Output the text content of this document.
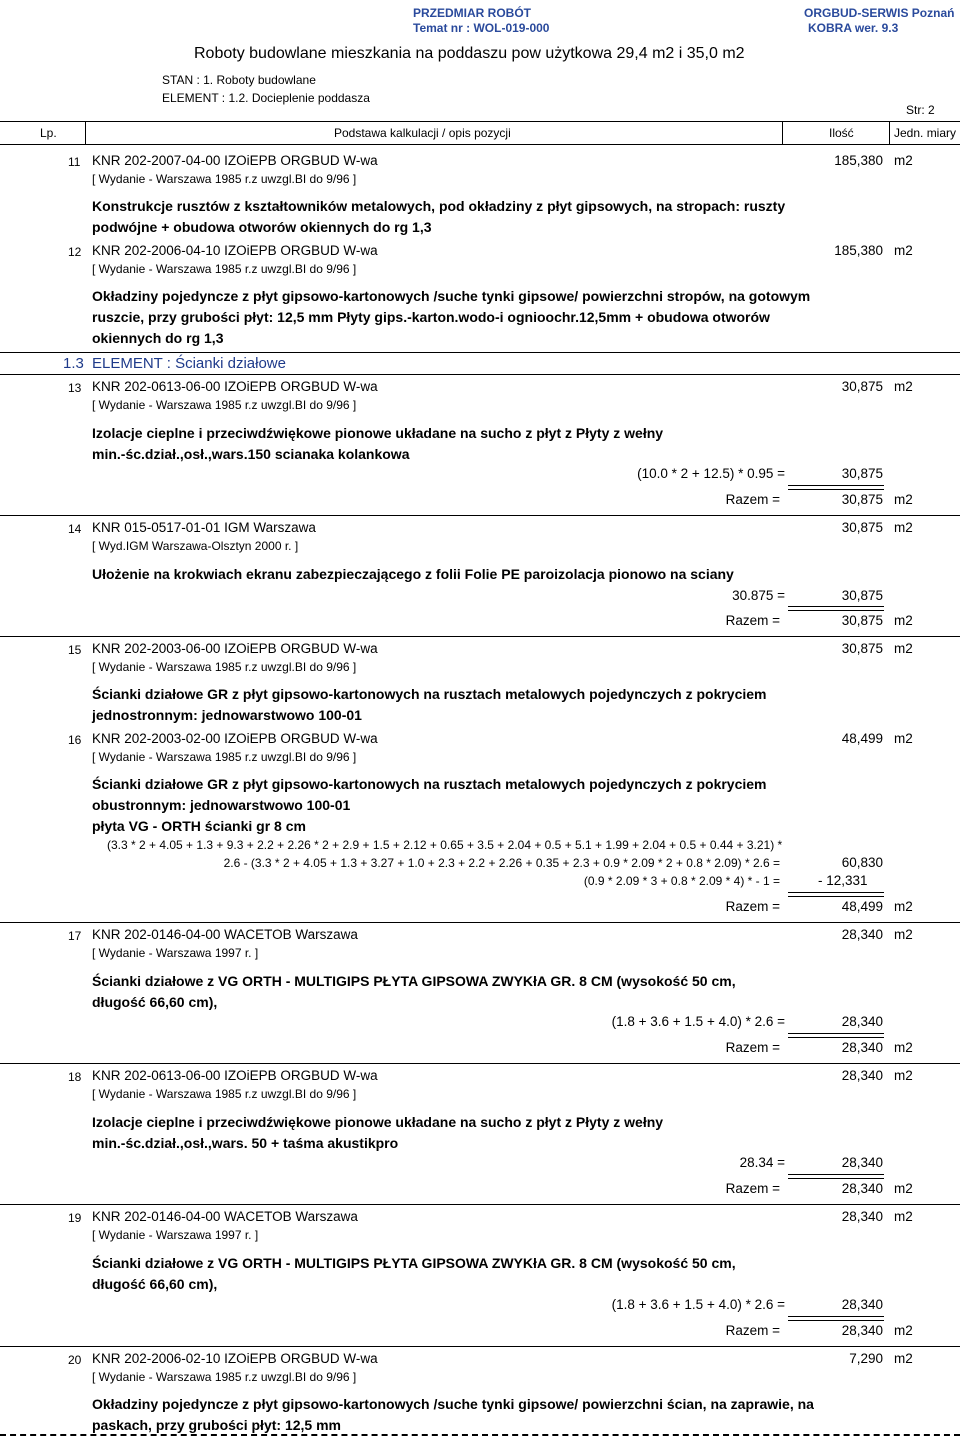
PRZEDMIAR ROBÓT
Temat nr : WOL-019-000
ORGBUD-SERWIS Poznań
KOBRA wer. 9.3
Roboty budowlane mieszkania na poddaszu pow użytkowa 29,4 m2 i 35,0 m2
STAN : 1. Roboty budowlane
ELEMENT : 1.2. Docieplenie poddasza
Str: 2
Lp.	Podstawa kalkulacji / opis pozycji	Ilość	Jedn. miary
11 KNR 202-2007-04-00 IZOiEPB ORGBUD W-wa	185,380 m2
[ Wydanie - Warszawa 1985 r.z uwzgl.BI do 9/96 ]
Konstrukcje rusztów z kształtowników metalowych, pod okładziny z płyt gipsowych, na stropach: ruszty
podwójne + obudowa otworów okiennych do rg 1,3
12 KNR 202-2006-04-10 IZOiEPB ORGBUD W-wa	185,380 m2
[ Wydanie - Warszawa 1985 r.z uwzgl.BI do 9/96 ]
Okładziny pojedyncze z płyt gipsowo-kartonowych /suche tynki gipsowe/ powierzchni stropów, na gotowym
ruszcie, przy grubości płyt: 12,5 mm Płyty gips.-karton.wodo-i ognioochr.12,5mm + obudowa otworów
okiennych do rg 1,3
1.3 ELEMENT : Ścianki działowe
13 KNR 202-0613-06-00 IZOiEPB ORGBUD W-wa	30,875 m2
[ Wydanie - Warszawa 1985 r.z uwzgl.BI do 9/96 ]
Izolacje cieplne i przeciwdźwiękowe pionowe układane na sucho z płyt z Płyty z wełny
min.-śc.dział.,osł.,wars.150 scianaka kolankowa
(10.0 * 2 + 12.5) * 0.95 =	30,875
Razem =	30,875 m2
14 KNR 015-0517-01-01 IGM Warszawa	30,875 m2
[ Wyd.IGM Warszawa-Olsztyn 2000 r. ]
Ułożenie na krokwiach ekranu zabezpieczającego z folii Folie PE paroizolacja pionowo na sciany
30.875 =	30,875
Razem =	30,875 m2
15 KNR 202-2003-06-00 IZOiEPB ORGBUD W-wa	30,875 m2
[ Wydanie - Warszawa 1985 r.z uwzgl.BI do 9/96 ]
Ścianki działowe GR z płyt gipsowo-kartonowych na rusztach metalowych pojedynczych z pokryciem
jednostronnym: jednowarstwowo 100-01
16 KNR 202-2003-02-00 IZOiEPB ORGBUD W-wa	48,499 m2
[ Wydanie - Warszawa 1985 r.z uwzgl.BI do 9/96 ]
Ścianki działowe GR z płyt gipsowo-kartonowych na rusztach metalowych pojedynczych z pokryciem
obustronnym: jednowarstwowo 100-01
płyta VG - ORTH ścianki gr 8 cm
(3.3 * 2 + 4.05 + 1.3 + 9.3 + 2.2 + 2.26 * 2 + 2.9 + 1.5 + 2.12 + 0.65 + 3.5 + 2.04 + 0.5 + 5.1 + 1.99 + 2.04 + 0.5 + 0.44 + 3.21) *
2.6 - (3.3 * 2 + 4.05 + 1.3 + 3.27 + 1.0 + 2.3 + 2.2 + 2.26 + 0.35 + 2.3 + 0.9 * 2.09 * 2 + 0.8 * 2.09) * 2.6 =	60,830
(0.9 * 2.09 * 3 + 0.8 * 2.09 * 4) * - 1 =	- 12,331
Razem =	48,499 m2
17 KNR 202-0146-04-00 WACETOB Warszawa	28,340 m2
[ Wydanie - Warszawa 1997 r. ]
Ścianki działowe z VG ORTH - MULTIGIPS PŁYTA GIPSOWA ZWYKłA GR. 8 CM (wysokość 50 cm,
długość 66,60 cm),
(1.8 + 3.6 + 1.5 + 4.0) * 2.6 =	28,340
Razem =	28,340 m2
18 KNR 202-0613-06-00 IZOiEPB ORGBUD W-wa	28,340 m2
[ Wydanie - Warszawa 1985 r.z uwzgl.BI do 9/96 ]
Izolacje cieplne i przeciwdźwiękowe pionowe układane na sucho z płyt z Płyty z wełny
min.-śc.dział.,osł.,wars. 50 + taśma akustikpro
28.34 =	28,340
Razem =	28,340 m2
19 KNR 202-0146-04-00 WACETOB Warszawa	28,340 m2
[ Wydanie - Warszawa 1997 r. ]
Ścianki działowe z VG ORTH - MULTIGIPS PŁYTA GIPSOWA ZWYKłA GR. 8 CM (wysokość 50 cm,
długość 66,60 cm),
(1.8 + 3.6 + 1.5 + 4.0) * 2.6 =	28,340
Razem =	28,340 m2
20 KNR 202-2006-02-10 IZOiEPB ORGBUD W-wa	7,290 m2
[ Wydanie - Warszawa 1985 r.z uwzgl.BI do 9/96 ]
Okładziny pojedyncze z płyt gipsowo-kartonowych /suche tynki gipsowe/ powierzchni ścian, na zaprawie, na
paskach, przy grubości płyt: 12,5 mm
